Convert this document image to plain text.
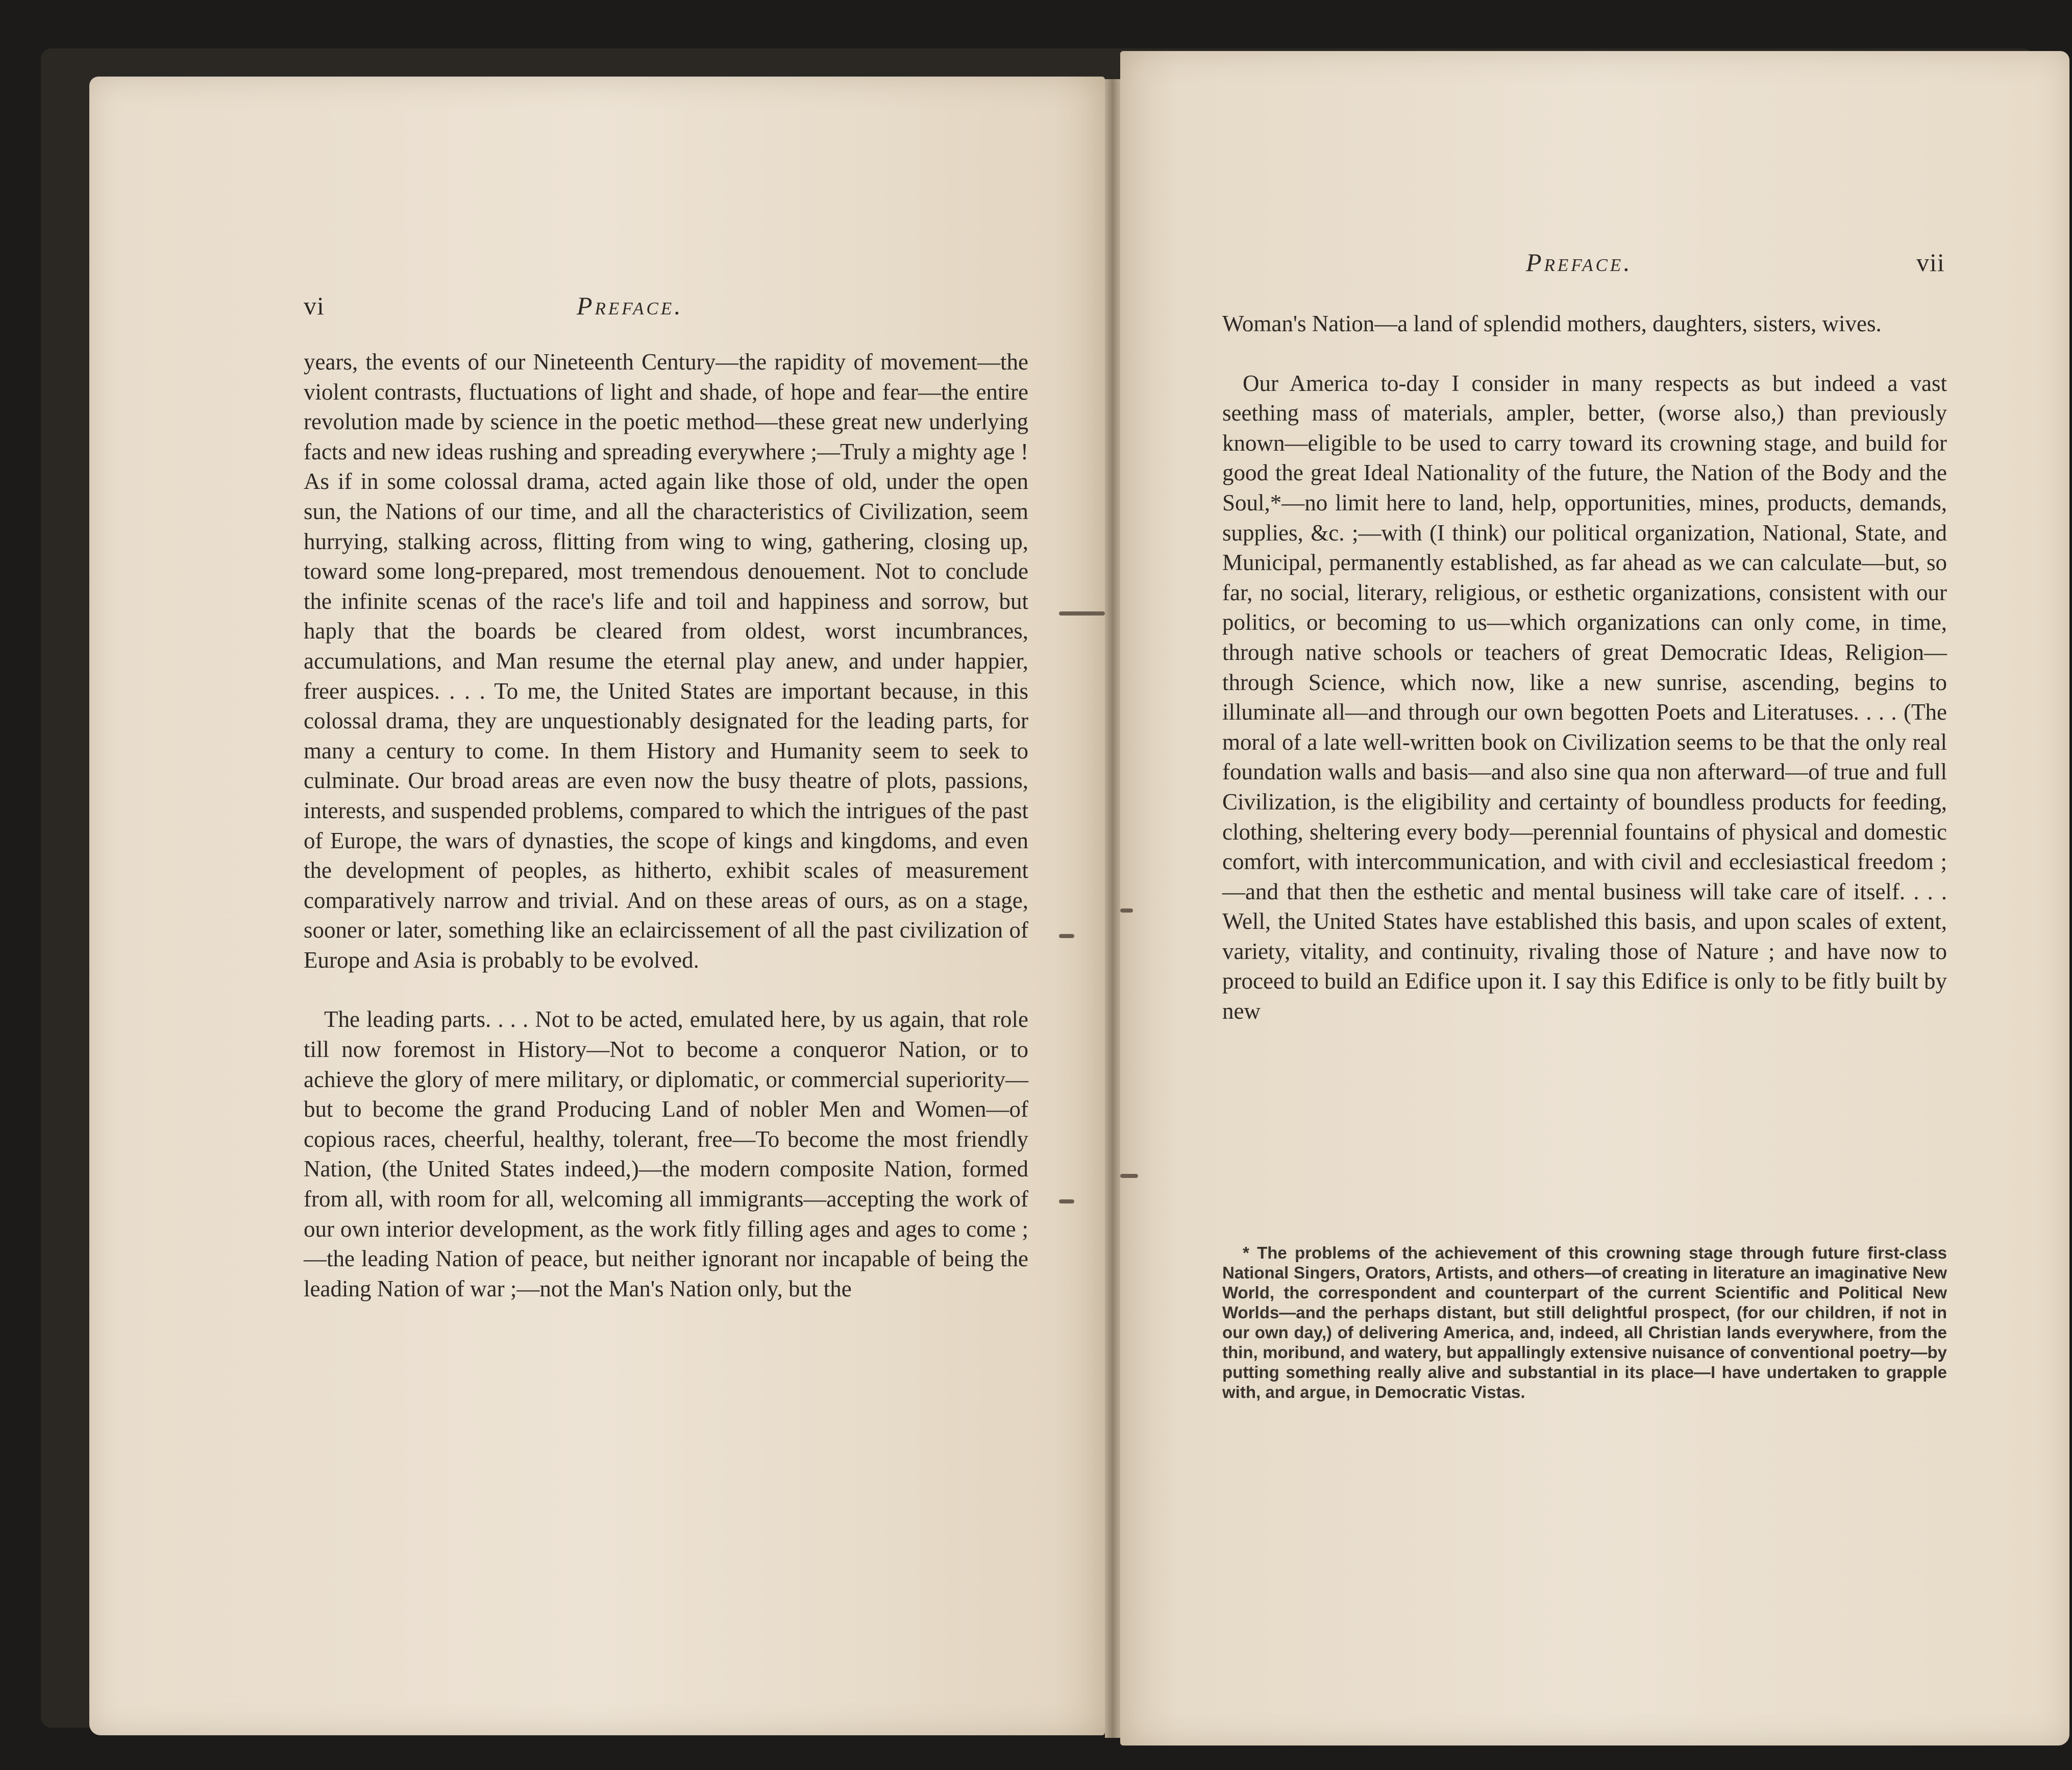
vi	Preface.

years, the events of our Nineteenth Century—the rapidity of movement—the violent contrasts, fluctuations of light and shade, of hope and fear—the entire revolution made by science in the poetic method—these great new underlying facts and new ideas rushing and spreading everywhere ;—Truly a mighty age ! As if in some colossal drama, acted again like those of old, under the open sun, the Nations of our time, and all the characteristics of Civilization, seem hurrying, stalking across, flitting from wing to wing, gathering, closing up, toward some long-prepared, most tremendous denouement. Not to conclude the infinite scenas of the race's life and toil and happiness and sorrow, but haply that the boards be cleared from oldest, worst incumbrances, accumulations, and Man resume the eternal play anew, and under happier, freer auspices. . . . To me, the United States are important because, in this colossal drama, they are unquestionably designated for the leading parts, for many a century to come. In them History and Humanity seem to seek to culminate. Our broad areas are even now the busy theatre of plots, passions, interests, and suspended problems, compared to which the intrigues of the past of Europe, the wars of dynasties, the scope of kings and kingdoms, and even the development of peoples, as hitherto, exhibit scales of measurement comparatively narrow and trivial. And on these areas of ours, as on a stage, sooner or later, something like an eclaircissement of all the past civilization of Europe and Asia is probably to be evolved.

The leading parts. . . . Not to be acted, emulated here, by us again, that role till now foremost in History—Not to become a conqueror Nation, or to achieve the glory of mere military, or diplomatic, or commercial superiority—but to become the grand Producing Land of nobler Men and Women—of copious races, cheerful, healthy, tolerant, free—To become the most friendly Nation, (the United States indeed,)—the modern composite Nation, formed from all, with room for all, welcoming all immigrants—accepting the work of our own interior development, as the work fitly filling ages and ages to come ;—the leading Nation of peace, but neither ignorant nor incapable of being the leading Nation of war ;—not the Man's Nation only, but the

Preface.	vii

Woman's Nation—a land of splendid mothers, daughters, sisters, wives.

Our America to-day I consider in many respects as but indeed a vast seething mass of materials, ampler, better, (worse also,) than previously known—eligible to be used to carry toward its crowning stage, and build for good the great Ideal Nationality of the future, the Nation of the Body and the Soul,*—no limit here to land, help, opportunities, mines, products, demands, supplies, &c. ;—with (I think) our political organization, National, State, and Municipal, permanently established, as far ahead as we can calculate—but, so far, no social, literary, religious, or esthetic organizations, consistent with our politics, or becoming to us—which organizations can only come, in time, through native schools or teachers of great Democratic Ideas, Religion—through Science, which now, like a new sunrise, ascending, begins to illuminate all—and through our own begotten Poets and Literatuses. . . . (The moral of a late well-written book on Civilization seems to be that the only real foundation walls and basis—and also sine qua non afterward—of true and full Civilization, is the eligibility and certainty of boundless products for feeding, clothing, sheltering every body—perennial fountains of physical and domestic comfort, with intercommunication, and with civil and ecclesiastical freedom ;—and that then the esthetic and mental business will take care of itself. . . . Well, the United States have established this basis, and upon scales of extent, variety, vitality, and continuity, rivaling those of Nature ; and have now to proceed to build an Edifice upon it. I say this Edifice is only to be fitly built by new

* The problems of the achievement of this crowning stage through future first-class National Singers, Orators, Artists, and others—of creating in literature an imaginative New World, the correspondent and counterpart of the current Scientific and Political New Worlds—and the perhaps distant, but still delightful prospect, (for our children, if not in our own day,) of delivering America, and, indeed, all Christian lands everywhere, from the thin, moribund, and watery, but appallingly extensive nuisance of conventional poetry—by putting something really alive and substantial in its place—I have undertaken to grapple with, and argue, in Democratic Vistas.
